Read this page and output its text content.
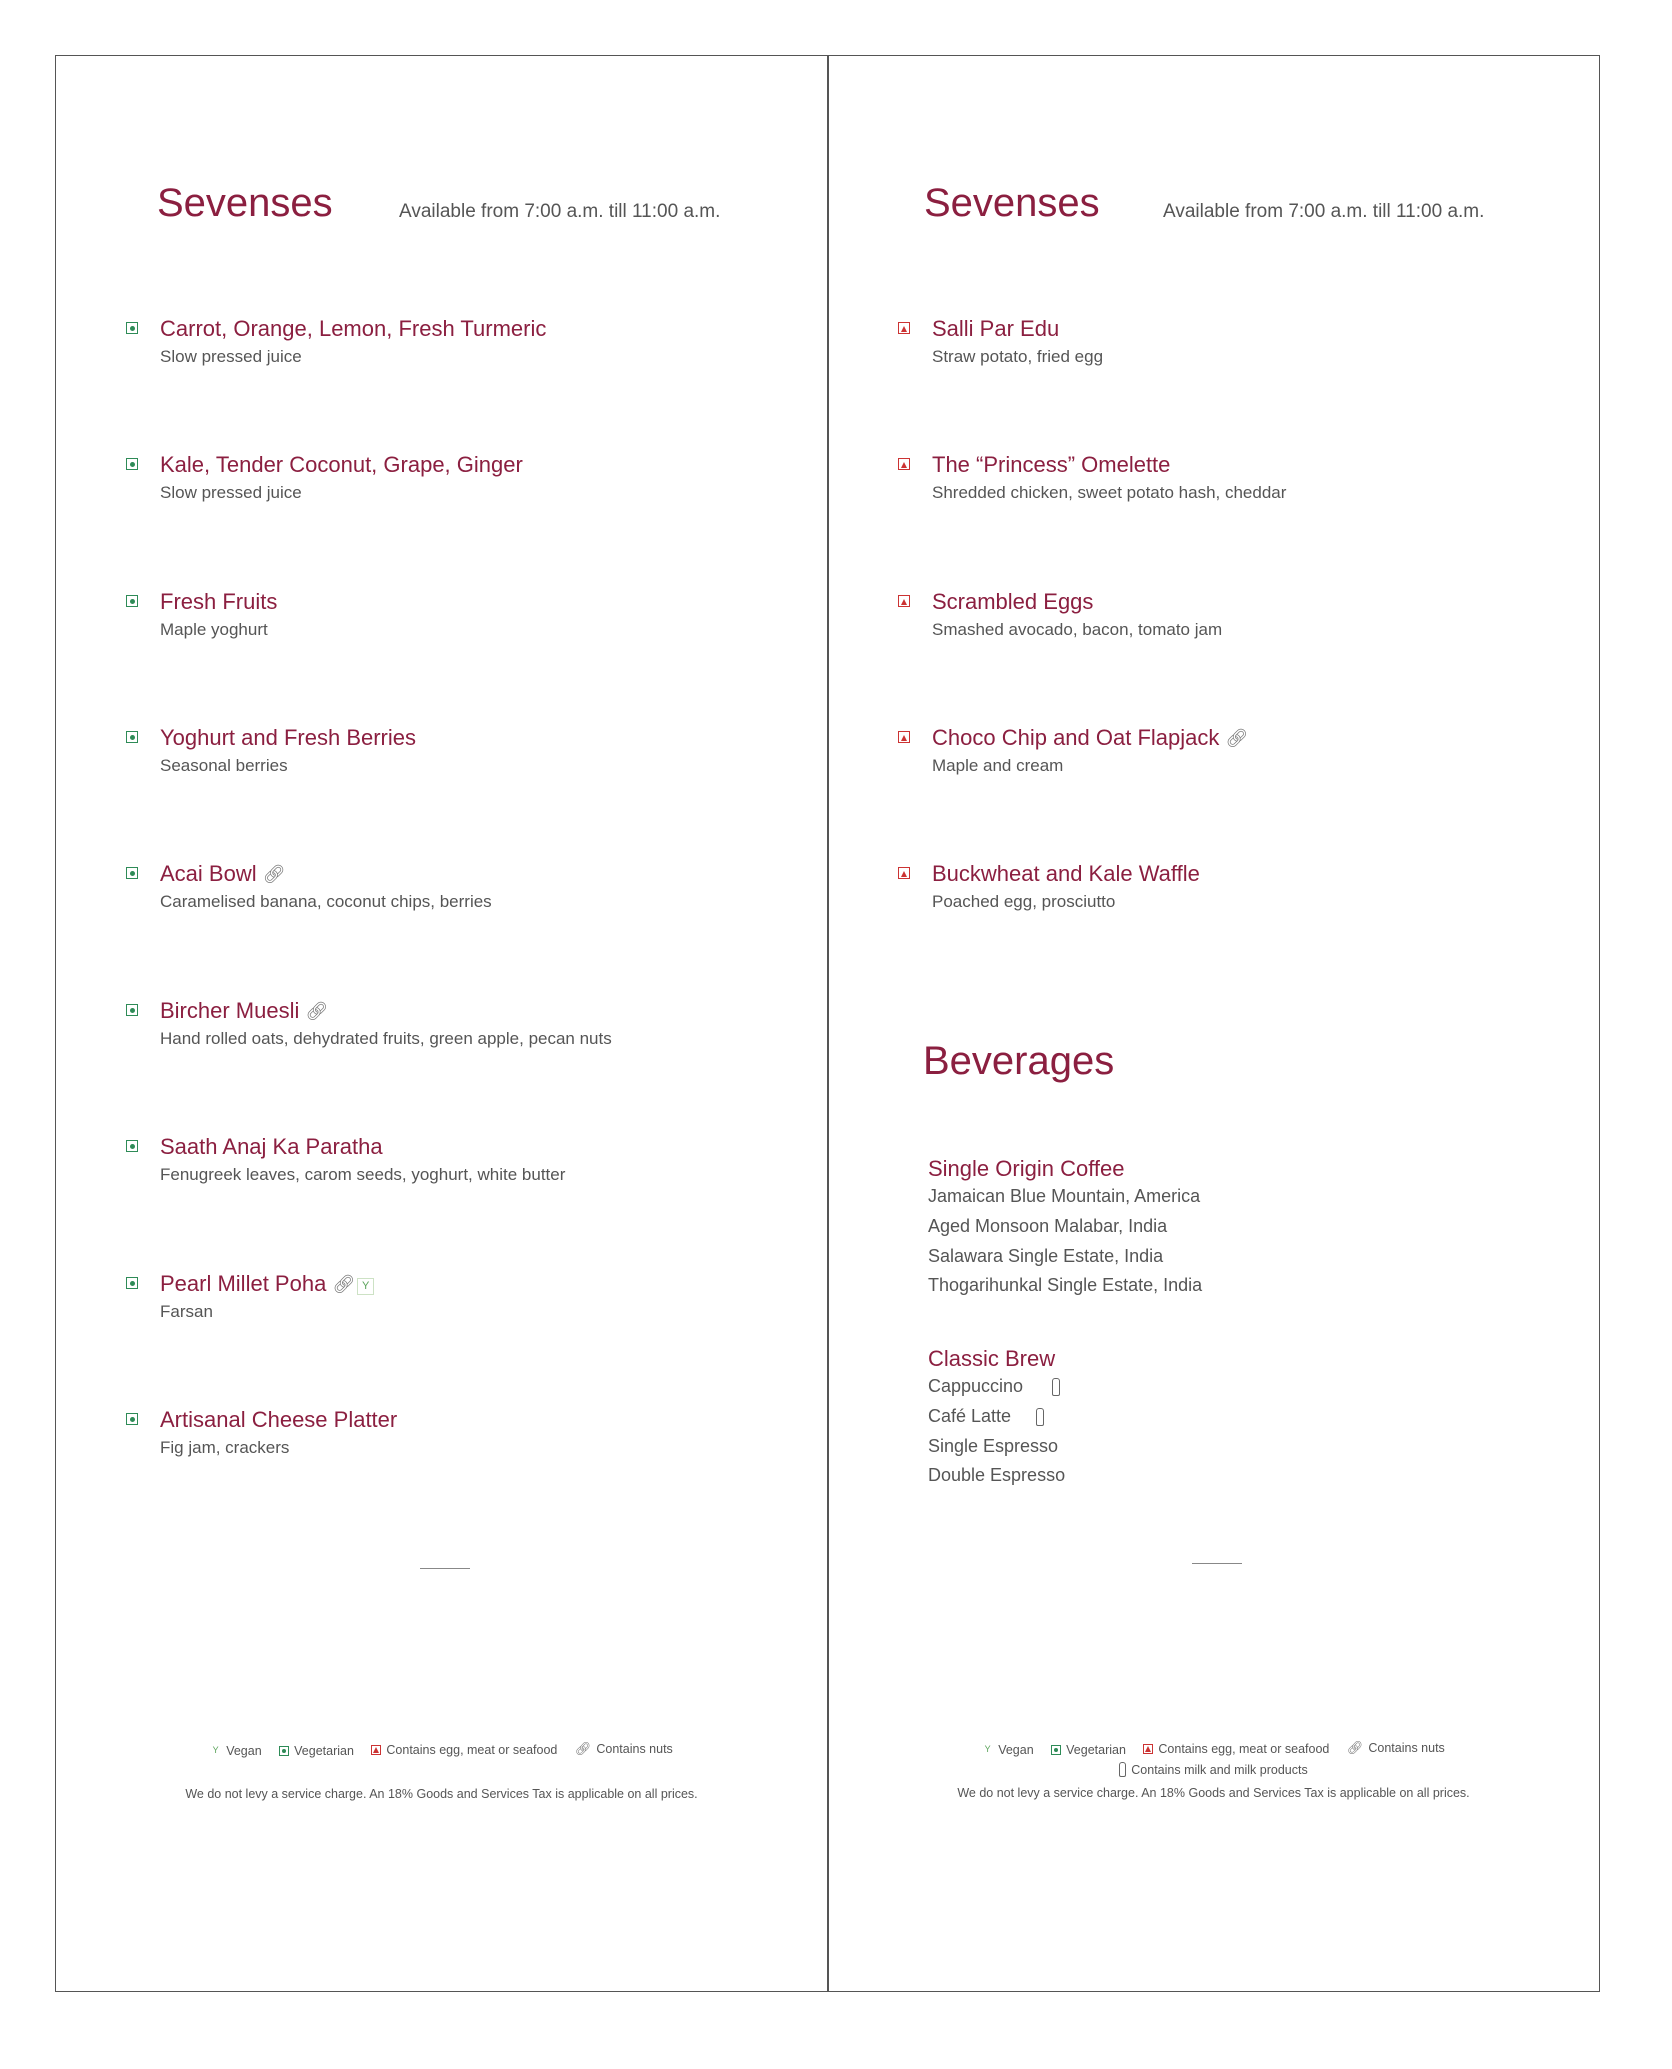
Sevenses	Available from 7:00 a.m. till 11:00 a.m.
Carrot, Orange, Lemon, Fresh Turmeric
Slow pressed juice
Kale, Tender Coconut, Grape, Ginger
Slow pressed juice
Fresh Fruits
Maple yoghurt
Yoghurt and Fresh Berries
Seasonal berries
Acai Bowl 🔗︎
Caramelised banana, coconut chips, berries
Bircher Muesli 🔗︎
Hand rolled oats, dehydrated fruits, green apple, pecan nuts
Saath Anaj Ka Paratha
Fenugreek leaves, carom seeds, yoghurt, white butter
Pearl Millet Poha 🔗︎ Y
Farsan
Artisanal Cheese Platter
Fig jam, crackers
Y Vegan
	Vegetarian
	Contains egg, meat or seafood
🔗︎ Contains nuts
We do not levy a service charge. An 18% Goods and Services Tax is applicable on all prices.
Sevenses	Available from 7:00 a.m. till 11:00 a.m.
Salli Par Edu
Straw potato, fried egg
The “Princess” Omelette
Shredded chicken, sweet potato hash, cheddar
Scrambled Eggs
Smashed avocado, bacon, tomato jam
Choco Chip and Oat Flapjack 🔗︎
Maple and cream
Buckwheat and Kale Waffle
Poached egg, prosciutto
Beverages
Single Origin Coffee
Jamaican Blue Mountain, America
Aged Monsoon Malabar, India
Salawara Single Estate, India
Thogarihunkal Single Estate, India
Classic Brew
Cappuccino
Café Latte
Single Espresso
Double Espresso
Y Vegan
	Vegetarian
	Contains egg, meat or seafood
🔗︎ Contains nuts
Contains milk and milk products
We do not levy a service charge. An 18% Goods and Services Tax is applicable on all prices.
